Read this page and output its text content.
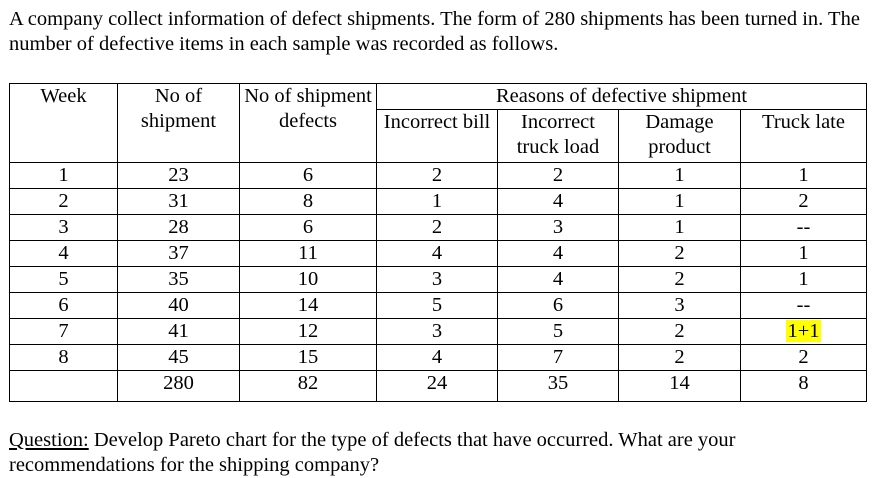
A company collect information of defect shipments. The form of 280 shipments has been turned in. The number of defective items in each sample was recorded as follows.

Week	No of shipment	No of shipment defects	Reasons of defective shipment			
			Incorrect bill	Incorrect truck load	Damage product	Truck late
1	23	6	2	2	1	1
2	31	8	1	4	1	2
3	28	6	2	3	1	--
4	37	11	4	4	2	1
5	35	10	3	4	2	1
6	40	14	5	6	3	--
7	41	12	3	5	2	1+1
8	45	15	4	7	2	2
	280	82	24	35	14	8

Question: Develop Pareto chart for the type of defects that have occurred. What are your recommendations for the shipping company?
